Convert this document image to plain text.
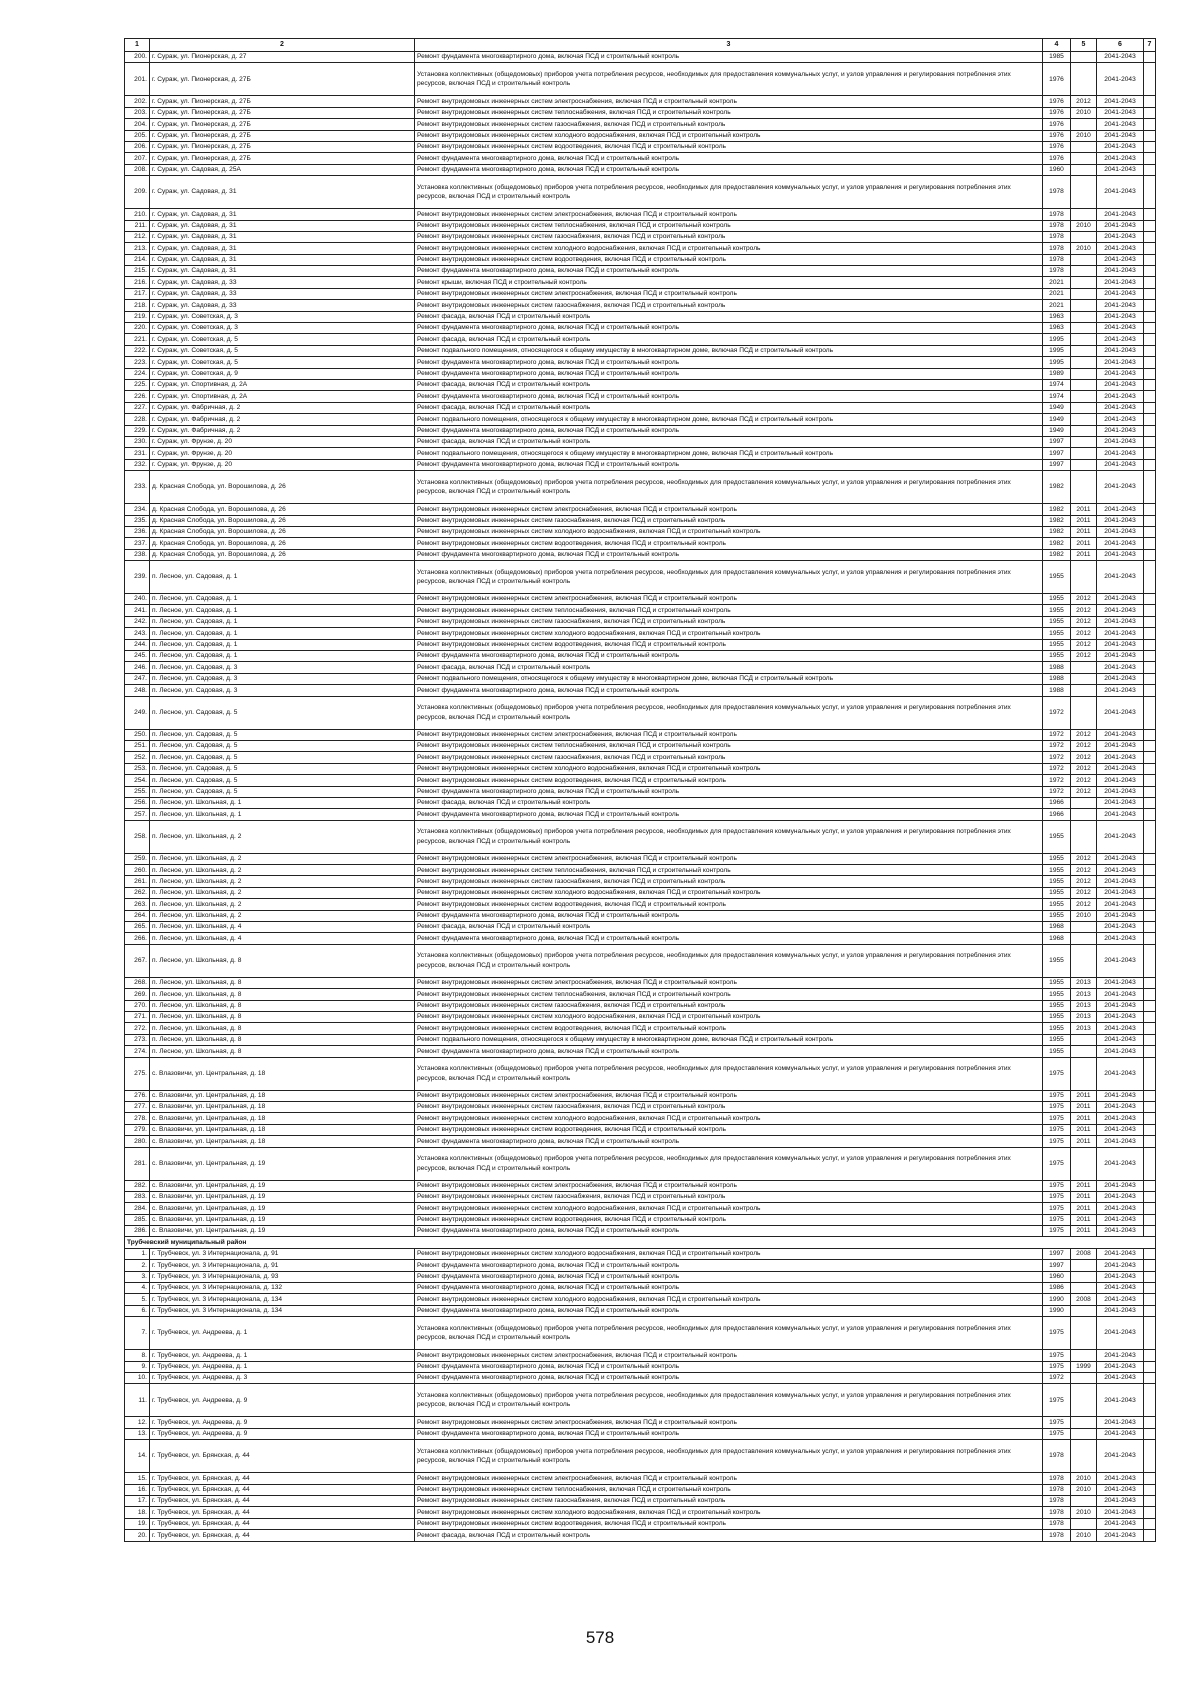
1	2	3	4	5	6	7
200.	г. Сураж, ул. Пионерская, д. 27	Ремонт фундамента многоквартирного дома, включая ПСД и строительный контроль	1985		2041-2043	
201.	г. Сураж, ул. Пионерская, д. 27Б	Установка коллективных (общедомовых) приборов учета потребления ресурсов, необходимых для предоставления коммунальных услуг, и узлов управления и регулирования потребления этих ресурсов, включая ПСД и строительный контроль	1976		2041-2043	
202.	г. Сураж, ул. Пионерская, д. 27Б	Ремонт внутридомовых инженерных систем электроснабжения, включая ПСД и строительный контроль	1976	2012	2041-2043	
203.	г. Сураж, ул. Пионерская, д. 27Б	Ремонт внутридомовых инженерных систем теплоснабжения, включая ПСД и строительный контроль	1976	2010	2041-2043	
204.	г. Сураж, ул. Пионерская, д. 27Б	Ремонт внутридомовых инженерных систем газоснабжения, включая ПСД и строительный контроль	1976		2041-2043	
205.	г. Сураж, ул. Пионерская, д. 27Б	Ремонт внутридомовых инженерных систем холодного водоснабжения, включая ПСД и строительный контроль	1976	2010	2041-2043	
206.	г. Сураж, ул. Пионерская, д. 27Б	Ремонт внутридомовых инженерных систем водоотведения, включая ПСД и строительный контроль	1976		2041-2043	
207.	г. Сураж, ул. Пионерская, д. 27Б	Ремонт фундамента многоквартирного дома, включая ПСД и строительный контроль	1976		2041-2043	
208.	г. Сураж, ул. Садовая, д. 25А	Ремонт фундамента многоквартирного дома, включая ПСД и строительный контроль	1960		2041-2043	
209.	г. Сураж, ул. Садовая, д. 31	Установка коллективных (общедомовых) приборов учета потребления ресурсов, необходимых для предоставления коммунальных услуг, и узлов управления и регулирования потребления этих ресурсов, включая ПСД и строительный контроль	1978		2041-2043	
210.	г. Сураж, ул. Садовая, д. 31	Ремонт внутридомовых инженерных систем электроснабжения, включая ПСД и строительный контроль	1978		2041-2043	
211.	г. Сураж, ул. Садовая, д. 31	Ремонт внутридомовых инженерных систем теплоснабжения, включая ПСД и строительный контроль	1978	2010	2041-2043	
212.	г. Сураж, ул. Садовая, д. 31	Ремонт внутридомовых инженерных систем газоснабжения, включая ПСД и строительный контроль	1978		2041-2043	
213.	г. Сураж, ул. Садовая, д. 31	Ремонт внутридомовых инженерных систем холодного водоснабжения, включая ПСД и строительный контроль	1978	2010	2041-2043	
214.	г. Сураж, ул. Садовая, д. 31	Ремонт внутридомовых инженерных систем водоотведения, включая ПСД и строительный контроль	1978		2041-2043	
215.	г. Сураж, ул. Садовая, д. 31	Ремонт фундамента многоквартирного дома, включая ПСД и строительный контроль	1978		2041-2043	
216.	г. Сураж, ул. Садовая, д. 33	Ремонт крыши, включая ПСД и строительный контроль	2021		2041-2043	
217.	г. Сураж, ул. Садовая, д. 33	Ремонт внутридомовых инженерных систем электроснабжения, включая ПСД и строительный контроль	2021		2041-2043	
218.	г. Сураж, ул. Садовая, д. 33	Ремонт внутридомовых инженерных систем газоснабжения, включая ПСД и строительный контроль	2021		2041-2043	
219.	г. Сураж, ул. Советская, д. 3	Ремонт фасада, включая ПСД и строительный контроль	1963		2041-2043	
220.	г. Сураж, ул. Советская, д. 3	Ремонт фундамента многоквартирного дома, включая ПСД и строительный контроль	1963		2041-2043	
221.	г. Сураж, ул. Советская, д. 5	Ремонт фасада, включая ПСД и строительный контроль	1995		2041-2043	
222.	г. Сураж, ул. Советская, д. 5	Ремонт подвального помещения, относящегося к общему имуществу в многоквартирном доме, включая ПСД и строительный контроль	1995		2041-2043	
223.	г. Сураж, ул. Советская, д. 5	Ремонт фундамента многоквартирного дома, включая ПСД и строительный контроль	1995		2041-2043	
224.	г. Сураж, ул. Советская, д. 9	Ремонт фундамента многоквартирного дома, включая ПСД и строительный контроль	1989		2041-2043	
225.	г. Сураж, ул. Спортивная, д. 2А	Ремонт фасада, включая ПСД и строительный контроль	1974		2041-2043	
226.	г. Сураж, ул. Спортивная, д. 2А	Ремонт фундамента многоквартирного дома, включая ПСД и строительный контроль	1974		2041-2043	
227.	г. Сураж, ул. Фабричная, д. 2	Ремонт фасада, включая ПСД и строительный контроль	1949		2041-2043	
228.	г. Сураж, ул. Фабричная, д. 2	Ремонт подвального помещения, относящегося к общему имуществу в многоквартирном доме, включая ПСД и строительный контроль	1949		2041-2043	
229.	г. Сураж, ул. Фабричная, д. 2	Ремонт фундамента многоквартирного дома, включая ПСД и строительный контроль	1949		2041-2043	
230.	г. Сураж, ул. Фрунзе, д. 20	Ремонт фасада, включая ПСД и строительный контроль	1997		2041-2043	
231.	г. Сураж, ул. Фрунзе, д. 20	Ремонт подвального помещения, относящегося к общему имуществу в многоквартирном доме, включая ПСД и строительный контроль	1997		2041-2043	
232.	г. Сураж, ул. Фрунзе, д. 20	Ремонт фундамента многоквартирного дома, включая ПСД и строительный контроль	1997		2041-2043	
233.	д. Красная Слобода, ул. Ворошилова, д. 26	Установка коллективных (общедомовых) приборов учета потребления ресурсов, необходимых для предоставления коммунальных услуг, и узлов управления и регулирования потребления этих ресурсов, включая ПСД и строительный контроль	1982		2041-2043	
234.	д. Красная Слобода, ул. Ворошилова, д. 26	Ремонт внутридомовых инженерных систем электроснабжения, включая ПСД и строительный контроль	1982	2011	2041-2043	
235.	д. Красная Слобода, ул. Ворошилова, д. 26	Ремонт внутридомовых инженерных систем газоснабжения, включая ПСД и строительный контроль	1982	2011	2041-2043	
236.	д. Красная Слобода, ул. Ворошилова, д. 26	Ремонт внутридомовых инженерных систем холодного водоснабжения, включая ПСД и строительный контроль	1982	2011	2041-2043	
237.	д. Красная Слобода, ул. Ворошилова, д. 26	Ремонт внутридомовых инженерных систем водоотведения, включая ПСД и строительный контроль	1982	2011	2041-2043	
238.	д. Красная Слобода, ул. Ворошилова, д. 26	Ремонт фундамента многоквартирного дома, включая ПСД и строительный контроль	1982	2011	2041-2043	
239.	п. Лесное, ул. Садовая, д. 1	Установка коллективных (общедомовых) приборов учета потребления ресурсов, необходимых для предоставления коммунальных услуг, и узлов управления и регулирования потребления этих ресурсов, включая ПСД и строительный контроль	1955		2041-2043	
240.	п. Лесное, ул. Садовая, д. 1	Ремонт внутридомовых инженерных систем электроснабжения, включая ПСД и строительный контроль	1955	2012	2041-2043	
241.	п. Лесное, ул. Садовая, д. 1	Ремонт внутридомовых инженерных систем теплоснабжения, включая ПСД и строительный контроль	1955	2012	2041-2043	
242.	п. Лесное, ул. Садовая, д. 1	Ремонт внутридомовых инженерных систем газоснабжения, включая ПСД и строительный контроль	1955	2012	2041-2043	
243.	п. Лесное, ул. Садовая, д. 1	Ремонт внутридомовых инженерных систем холодного водоснабжения, включая ПСД и строительный контроль	1955	2012	2041-2043	
244.	п. Лесное, ул. Садовая, д. 1	Ремонт внутридомовых инженерных систем водоотведения, включая ПСД и строительный контроль	1955	2012	2041-2043	
245.	п. Лесное, ул. Садовая, д. 1	Ремонт фундамента многоквартирного дома, включая ПСД и строительный контроль	1955	2012	2041-2043	
246.	п. Лесное, ул. Садовая, д. 3	Ремонт фасада, включая ПСД и строительный контроль	1988		2041-2043	
247.	п. Лесное, ул. Садовая, д. 3	Ремонт подвального помещения, относящегося к общему имуществу в многоквартирном доме, включая ПСД и строительный контроль	1988		2041-2043	
248.	п. Лесное, ул. Садовая, д. 3	Ремонт фундамента многоквартирного дома, включая ПСД и строительный контроль	1988		2041-2043	
249.	п. Лесное, ул. Садовая, д. 5	Установка коллективных (общедомовых) приборов учета потребления ресурсов, необходимых для предоставления коммунальных услуг, и узлов управления и регулирования потребления этих ресурсов, включая ПСД и строительный контроль	1972		2041-2043	
250.	п. Лесное, ул. Садовая, д. 5	Ремонт внутридомовых инженерных систем электроснабжения, включая ПСД и строительный контроль	1972	2012	2041-2043	
251.	п. Лесное, ул. Садовая, д. 5	Ремонт внутридомовых инженерных систем теплоснабжения, включая ПСД и строительный контроль	1972	2012	2041-2043	
252.	п. Лесное, ул. Садовая, д. 5	Ремонт внутридомовых инженерных систем газоснабжения, включая ПСД и строительный контроль	1972	2012	2041-2043	
253.	п. Лесное, ул. Садовая, д. 5	Ремонт внутридомовых инженерных систем холодного водоснабжения, включая ПСД и строительный контроль	1972	2012	2041-2043	
254.	п. Лесное, ул. Садовая, д. 5	Ремонт внутридомовых инженерных систем водоотведения, включая ПСД и строительный контроль	1972	2012	2041-2043	
255.	п. Лесное, ул. Садовая, д. 5	Ремонт фундамента многоквартирного дома, включая ПСД и строительный контроль	1972	2012	2041-2043	
256.	п. Лесное, ул. Школьная, д. 1	Ремонт фасада, включая ПСД и строительный контроль	1966		2041-2043	
257.	п. Лесное, ул. Школьная, д. 1	Ремонт фундамента многоквартирного дома, включая ПСД и строительный контроль	1966		2041-2043	
258.	п. Лесное, ул. Школьная, д. 2	Установка коллективных (общедомовых) приборов учета потребления ресурсов, необходимых для предоставления коммунальных услуг, и узлов управления и регулирования потребления этих ресурсов, включая ПСД и строительный контроль	1955		2041-2043	
259.	п. Лесное, ул. Школьная, д. 2	Ремонт внутридомовых инженерных систем электроснабжения, включая ПСД и строительный контроль	1955	2012	2041-2043	
260.	п. Лесное, ул. Школьная, д. 2	Ремонт внутридомовых инженерных систем теплоснабжения, включая ПСД и строительный контроль	1955	2012	2041-2043	
261.	п. Лесное, ул. Школьная, д. 2	Ремонт внутридомовых инженерных систем газоснабжения, включая ПСД и строительный контроль	1955	2012	2041-2043	
262.	п. Лесное, ул. Школьная, д. 2	Ремонт внутридомовых инженерных систем холодного водоснабжения, включая ПСД и строительный контроль	1955	2012	2041-2043	
263.	п. Лесное, ул. Школьная, д. 2	Ремонт внутридомовых инженерных систем водоотведения, включая ПСД и строительный контроль	1955	2012	2041-2043	
264.	п. Лесное, ул. Школьная, д. 2	Ремонт фундамента многоквартирного дома, включая ПСД и строительный контроль	1955	2010	2041-2043	
265.	п. Лесное, ул. Школьная, д. 4	Ремонт фасада, включая ПСД и строительный контроль	1968		2041-2043	
266.	п. Лесное, ул. Школьная, д. 4	Ремонт фундамента многоквартирного дома, включая ПСД и строительный контроль	1968		2041-2043	
267.	п. Лесное, ул. Школьная, д. 8	Установка коллективных (общедомовых) приборов учета потребления ресурсов, необходимых для предоставления коммунальных услуг, и узлов управления и регулирования потребления этих ресурсов, включая ПСД и строительный контроль	1955		2041-2043	
268.	п. Лесное, ул. Школьная, д. 8	Ремонт внутридомовых инженерных систем электроснабжения, включая ПСД и строительный контроль	1955	2013	2041-2043	
269.	п. Лесное, ул. Школьная, д. 8	Ремонт внутридомовых инженерных систем теплоснабжения, включая ПСД и строительный контроль	1955	2013	2041-2043	
270.	п. Лесное, ул. Школьная, д. 8	Ремонт внутридомовых инженерных систем газоснабжения, включая ПСД и строительный контроль	1955	2013	2041-2043	
271.	п. Лесное, ул. Школьная, д. 8	Ремонт внутридомовых инженерных систем холодного водоснабжения, включая ПСД и строительный контроль	1955	2013	2041-2043	
272.	п. Лесное, ул. Школьная, д. 8	Ремонт внутридомовых инженерных систем водоотведения, включая ПСД и строительный контроль	1955	2013	2041-2043	
273.	п. Лесное, ул. Школьная, д. 8	Ремонт подвального помещения, относящегося к общему имуществу в многоквартирном доме, включая ПСД и строительный контроль	1955		2041-2043	
274.	п. Лесное, ул. Школьная, д. 8	Ремонт фундамента многоквартирного дома, включая ПСД и строительный контроль	1955		2041-2043	
275.	с. Влазовичи, ул. Центральная, д. 18	Установка коллективных (общедомовых) приборов учета потребления ресурсов, необходимых для предоставления коммунальных услуг, и узлов управления и регулирования потребления этих ресурсов, включая ПСД и строительный контроль	1975		2041-2043	
276.	с. Влазовичи, ул. Центральная, д. 18	Ремонт внутридомовых инженерных систем электроснабжения, включая ПСД и строительный контроль	1975	2011	2041-2043	
277.	с. Влазовичи, ул. Центральная, д. 18	Ремонт внутридомовых инженерных систем газоснабжения, включая ПСД и строительный контроль	1975	2011	2041-2043	
278.	с. Влазовичи, ул. Центральная, д. 18	Ремонт внутридомовых инженерных систем холодного водоснабжения, включая ПСД и строительный контроль	1975	2011	2041-2043	
279.	с. Влазовичи, ул. Центральная, д. 18	Ремонт внутридомовых инженерных систем водоотведения, включая ПСД и строительный контроль	1975	2011	2041-2043	
280.	с. Влазовичи, ул. Центральная, д. 18	Ремонт фундамента многоквартирного дома, включая ПСД и строительный контроль	1975	2011	2041-2043	
281.	с. Влазовичи, ул. Центральная, д. 19	Установка коллективных (общедомовых) приборов учета потребления ресурсов, необходимых для предоставления коммунальных услуг, и узлов управления и регулирования потребления этих ресурсов, включая ПСД и строительный контроль	1975		2041-2043	
282.	с. Влазовичи, ул. Центральная, д. 19	Ремонт внутридомовых инженерных систем электроснабжения, включая ПСД и строительный контроль	1975	2011	2041-2043	
283.	с. Влазовичи, ул. Центральная, д. 19	Ремонт внутридомовых инженерных систем газоснабжения, включая ПСД и строительный контроль	1975	2011	2041-2043	
284.	с. Влазовичи, ул. Центральная, д. 19	Ремонт внутридомовых инженерных систем холодного водоснабжения, включая ПСД и строительный контроль	1975	2011	2041-2043	
285.	с. Влазовичи, ул. Центральная, д. 19	Ремонт внутридомовых инженерных систем водоотведения, включая ПСД и строительный контроль	1975	2011	2041-2043	
286.	с. Влазовичи, ул. Центральная, д. 19	Ремонт фундамента многоквартирного дома, включая ПСД и строительный контроль	1975	2011	2041-2043	
Трубчевский муниципальный район						
1.	г. Трубчевск, ул. 3 Интернационала, д. 91	Ремонт внутридомовых инженерных систем холодного водоснабжения, включая ПСД и строительный контроль	1997	2008	2041-2043	
2.	г. Трубчевск, ул. 3 Интернационала, д. 91	Ремонт фундамента многоквартирного дома, включая ПСД и строительный контроль	1997		2041-2043	
3.	г. Трубчевск, ул. 3 Интернационала, д. 93	Ремонт фундамента многоквартирного дома, включая ПСД и строительный контроль	1960		2041-2043	
4.	г. Трубчевск, ул. 3 Интернационала, д. 132	Ремонт фундамента многоквартирного дома, включая ПСД и строительный контроль	1986		2041-2043	
5.	г. Трубчевск, ул. 3 Интернационала, д. 134	Ремонт внутридомовых инженерных систем холодного водоснабжения, включая ПСД и строительный контроль	1990	2008	2041-2043	
6.	г. Трубчевск, ул. 3 Интернационала, д. 134	Ремонт фундамента многоквартирного дома, включая ПСД и строительный контроль	1990		2041-2043	
7.	г. Трубчевск, ул. Андреева, д. 1	Установка коллективных (общедомовых) приборов учета потребления ресурсов, необходимых для предоставления коммунальных услуг, и узлов управления и регулирования потребления этих ресурсов, включая ПСД и строительный контроль	1975		2041-2043	
8.	г. Трубчевск, ул. Андреева, д. 1	Ремонт внутридомовых инженерных систем электроснабжения, включая ПСД и строительный контроль	1975		2041-2043	
9.	г. Трубчевск, ул. Андреева, д. 1	Ремонт фундамента многоквартирного дома, включая ПСД и строительный контроль	1975	1999	2041-2043	
10.	г. Трубчевск, ул. Андреева, д. 3	Ремонт фундамента многоквартирного дома, включая ПСД и строительный контроль	1972		2041-2043	
11.	г. Трубчевск, ул. Андреева, д. 9	Установка коллективных (общедомовых) приборов учета потребления ресурсов, необходимых для предоставления коммунальных услуг, и узлов управления и регулирования потребления этих ресурсов, включая ПСД и строительный контроль	1975		2041-2043	
12.	г. Трубчевск, ул. Андреева, д. 9	Ремонт внутридомовых инженерных систем электроснабжения, включая ПСД и строительный контроль	1975		2041-2043	
13.	г. Трубчевск, ул. Андреева, д. 9	Ремонт фундамента многоквартирного дома, включая ПСД и строительный контроль	1975		2041-2043	
14.	г. Трубчевск, ул. Брянская, д. 44	Установка коллективных (общедомовых) приборов учета потребления ресурсов, необходимых для предоставления коммунальных услуг, и узлов управления и регулирования потребления этих ресурсов, включая ПСД и строительный контроль	1978		2041-2043	
15.	г. Трубчевск, ул. Брянская, д. 44	Ремонт внутридомовых инженерных систем электроснабжения, включая ПСД и строительный контроль	1978	2010	2041-2043	
16.	г. Трубчевск, ул. Брянская, д. 44	Ремонт внутридомовых инженерных систем теплоснабжения, включая ПСД и строительный контроль	1978	2010	2041-2043	
17.	г. Трубчевск, ул. Брянская, д. 44	Ремонт внутридомовых инженерных систем газоснабжения, включая ПСД и строительный контроль	1978		2041-2043	
18.	г. Трубчевск, ул. Брянская, д. 44	Ремонт внутридомовых инженерных систем холодного водоснабжения, включая ПСД и строительный контроль	1978	2010	2041-2043	
19.	г. Трубчевск, ул. Брянская, д. 44	Ремонт внутридомовых инженерных систем водоотведения, включая ПСД и строительный контроль	1978		2041-2043	
20.	г. Трубчевск, ул. Брянская, д. 44	Ремонт фасада, включая ПСД и строительный контроль	1978	2010	2041-2043	
578
